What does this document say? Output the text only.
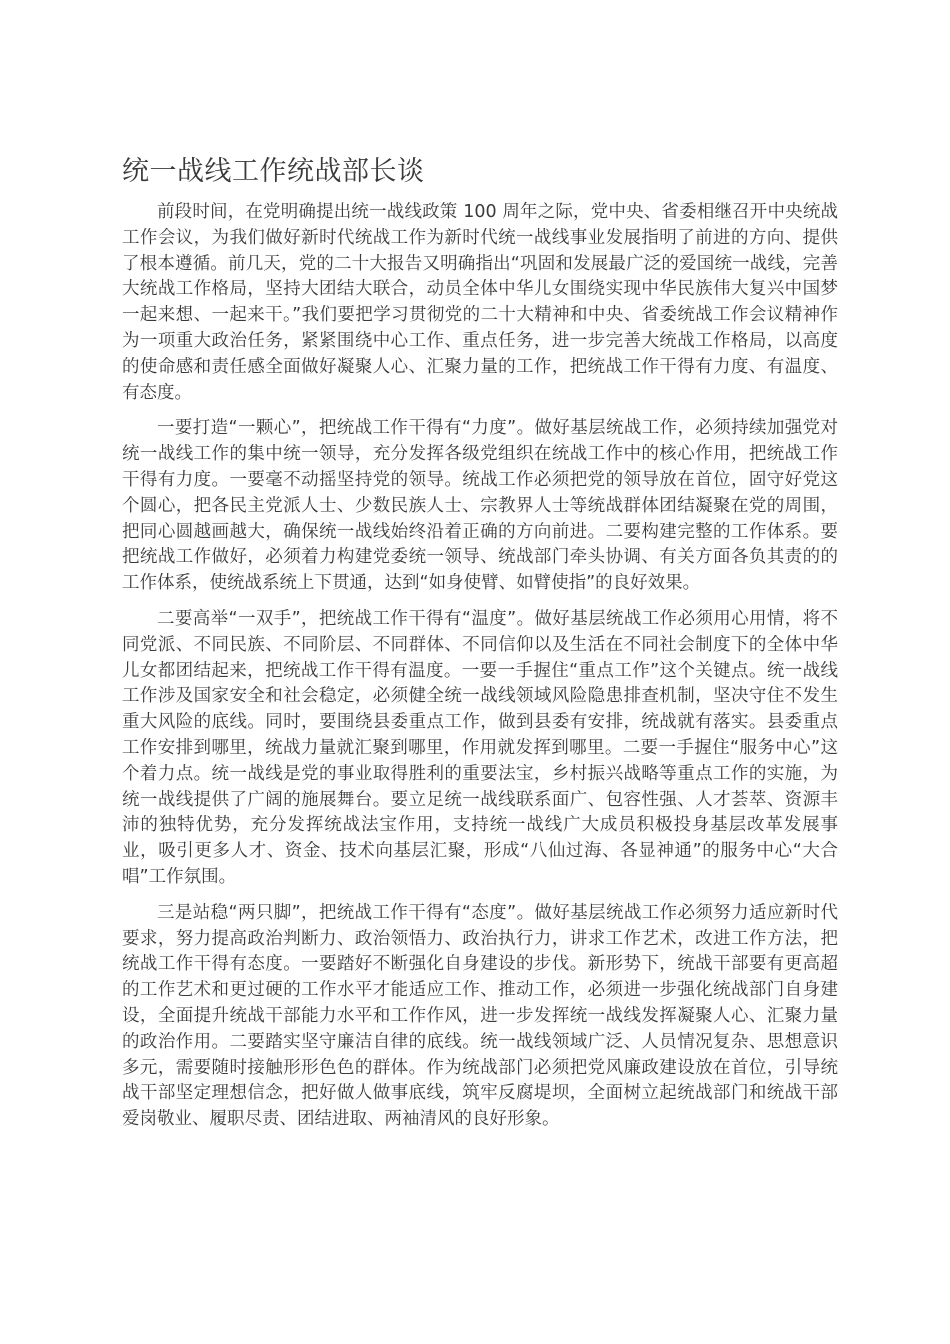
统一战线工作统战部长谈

前段时间，在党明确提出统一战线政策 100 周年之际，党中央、省委相继召开中央统战工作会议，为我们做好新时代统战工作为新时代统一战线事业发展指明了前进的方向、提供了根本遵循。前几天，党的二十大报告又明确指出“巩固和发展最广泛的爱国统一战线，完善大统战工作格局，坚持大团结大联合，动员全体中华儿女围绕实现中华民族伟大复兴中国梦一起来想、一起来干。”我们要把学习贯彻党的二十大精神和中央、省委统战工作会议精神作为一项重大政治任务，紧紧围绕中心工作、重点任务，进一步完善大统战工作格局，以高度的使命感和责任感全面做好凝聚人心、汇聚力量的工作，把统战工作干得有力度、有温度、有态度。

一要打造“一颗心”，把统战工作干得有“力度”。做好基层统战工作，必须持续加强党对统一战线工作的集中统一领导，充分发挥各级党组织在统战工作中的核心作用，把统战工作干得有力度。一要毫不动摇坚持党的领导。统战工作必须把党的领导放在首位，固守好党这个圆心，把各民主党派人士、少数民族人士、宗教界人士等统战群体团结凝聚在党的周围，把同心圆越画越大，确保统一战线始终沿着正确的方向前进。二要构建完整的工作体系。要把统战工作做好，必须着力构建党委统一领导、统战部门牵头协调、有关方面各负其责的的工作体系，使统战系统上下贯通，达到“如身使臂、如臂使指”的良好效果。

二要高举“一双手”，把统战工作干得有“温度”。做好基层统战工作必须用心用情，将不同党派、不同民族、不同阶层、不同群体、不同信仰以及生活在不同社会制度下的全体中华儿女都团结起来，把统战工作干得有温度。一要一手握住“重点工作”这个关键点。统一战线工作涉及国家安全和社会稳定，必须健全统一战线领域风险隐患排查机制，坚决守住不发生重大风险的底线。同时，要围绕县委重点工作，做到县委有安排，统战就有落实。县委重点工作安排到哪里，统战力量就汇聚到哪里，作用就发挥到哪里。二要一手握住“服务中心”这个着力点。统一战线是党的事业取得胜利的重要法宝，乡村振兴战略等重点工作的实施，为统一战线提供了广阔的施展舞台。要立足统一战线联系面广、包容性强、人才荟萃、资源丰沛的独特优势，充分发挥统战法宝作用，支持统一战线广大成员积极投身基层改革发展事业，吸引更多人才、资金、技术向基层汇聚，形成“八仙过海、各显神通”的服务中心“大合唱”工作氛围。

三是站稳“两只脚”，把统战工作干得有“态度”。做好基层统战工作必须努力适应新时代要求，努力提高政治判断力、政治领悟力、政治执行力，讲求工作艺术，改进工作方法，把统战工作干得有态度。一要踏好不断强化自身建设的步伐。新形势下，统战干部要有更高超的工作艺术和更过硬的工作水平才能适应工作、推动工作，必须进一步强化统战部门自身建设，全面提升统战干部能力水平和工作作风，进一步发挥统一战线发挥凝聚人心、汇聚力量的政治作用。二要踏实坚守廉洁自律的底线。统一战线领域广泛、人员情况复杂、思想意识多元，需要随时接触形形色色的群体。作为统战部门必须把党风廉政建设放在首位，引导统战干部坚定理想信念，把好做人做事底线，筑牢反腐堤坝，全面树立起统战部门和统战干部爱岗敬业、履职尽责、团结进取、两袖清风的良好形象。
